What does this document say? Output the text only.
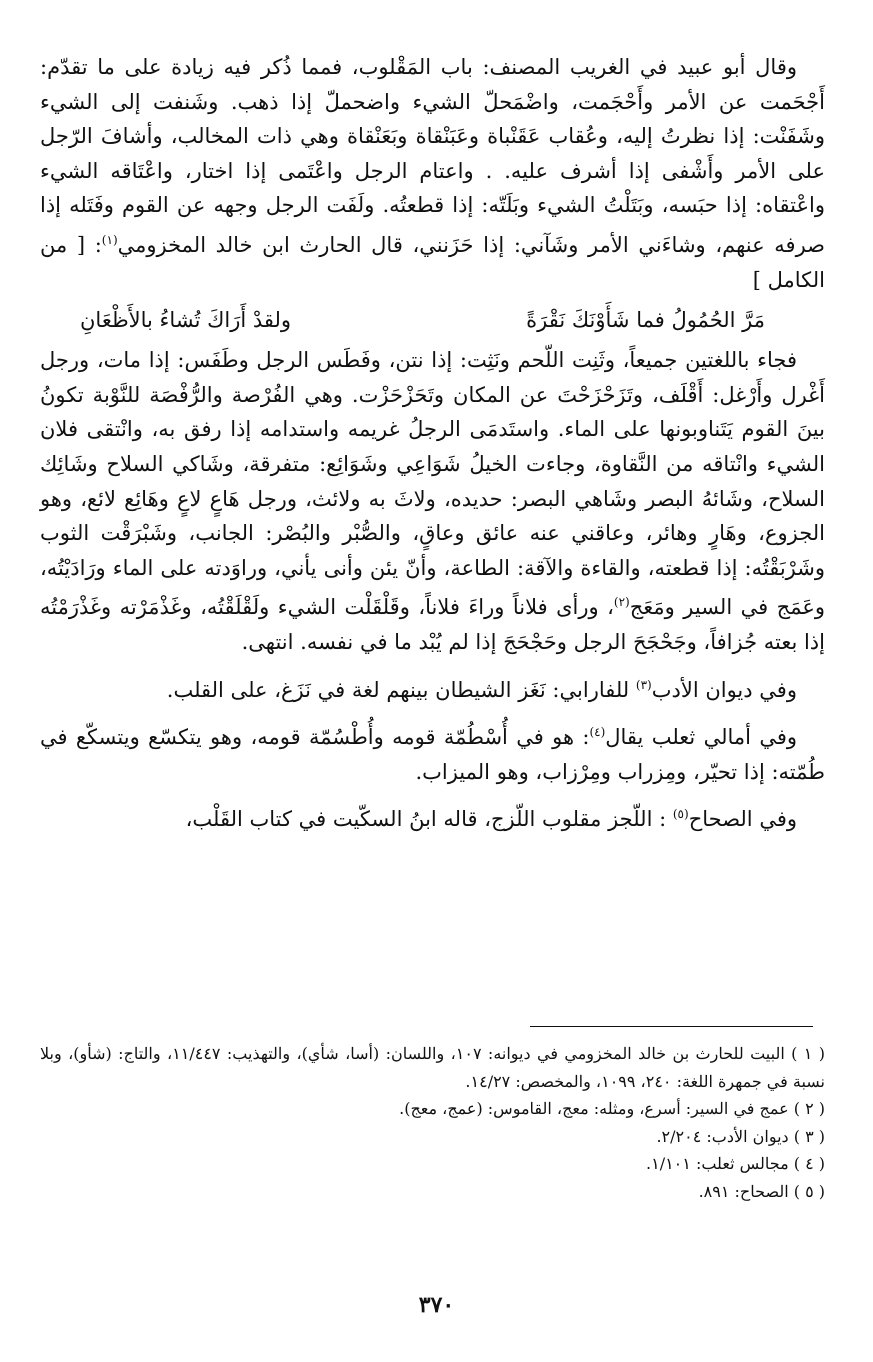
وقال أبو عبيد في الغريب المصنف: باب المَقْلوب، فمما ذُكر فيه زيادة على ما تقدّم: أَجْحَمت عن الأمر وأَحْجَمت، واضْمَحلّ الشيء واضحملّ إذا ذهب. وشَنفت إلى الشيء وشَفَنْت: إذا نظرتُ إليه، وعُقاب عَقَنْباة وعَبَنْقاة وبَعَنْقاة وهي ذات المخالب، وأشافَ الرّجل على الأمر وأَشْفى إذا أشرف عليه. . واعتام الرجل واعْتَمى إذا اختار، واعْتَاقه الشيء واعْتقاه: إذا حبَسه، وبَتَلْتُ الشيء وبَلَتّه: إذا قطعتُه. ولَفَت الرجل وجهه عن القوم وفَتَله إذا صرفه عنهم، وشاءَني الأمر وشَآني: إذا حَزَنني، قال الحارث ابن خالد المخزومي$^{(١)}$: [ من الكامل ]

مَرَّ الحُمُولُ فما شَأَوْنَكَ نَقْرَةً
ولقدْ أَرَاكَ تُشاءُ بالأَظْعَانِ

فجاء باللغتين جميعاً، وثَنِت اللّحم ونَثِت: إذا نتن، وفَطَس الرجل وطَفَس: إذا مات، ورجل أَغْرل وأَرْغل: أَقْلَف، وتَزَحْزَحْتَ عن المكان وتَحَزْحَزْت. وهي الفُرْصة والرُّفْصَة للنَّوْبة تكونُ بينَ القوم يَتَناوبونها على الماء. واستَدمَى الرجلُ غريمه واستدامه إذا رفق به، وانْتقى فلان الشيء وانْتاقه من النَّقاوة، وجاءت الخيلُ شَوَاعِي وشَوَائِع: متفرقة، وشَاكي السلاح وشَائِك السلاح، وشَائهُ البصر وشَاهي البصر: حديده، ولاثَ به ولائث، ورجل هَاعٍ لاعٍ وهَائِع لائع، وهو الجزوع، وهَارٍ وهائر، وعاقني عنه عائق وعاقٍ، والصُّبْر والبُصْر: الجانب، وشَبْرَقْت الثوب وشَرْبَقْتُه: إذا قطعته، والقاءة والآقة: الطاعة، وأنّ يئن وأنى يأني، وراوَدته على الماء ورَادَيْتُه، وعَمَج في السير ومَعَج$^{(٢)}$، ورأى فلاناً وراءَ فلاناً، وقَلْقَلْت الشيء ولَقْلَقْتُه، وغَذْمَرْته وغَذْرَمْتُه إذا بعته جُزافاً، وجَحْجَحَ الرجل وحَجْحَجَ إذا لم يُبْد ما في نفسه. انتهى.

وفي ديوان الأدب$^{(٣)}$ للفارابي: نَغَز الشيطان بينهم لغة في نَزَغ، على القلب.

وفي أمالي ثعلب يقال$^{(٤)}$: هو في أُسْطُمّة قومه وأُطْسُمّة قومه، وهو يتكسّع ويتسكّع في طُمّته: إذا تحيّر، ومِزراب ومِرْزاب، وهو الميزاب.

وفي الصحاح$^{(٥)}$ : اللّجز مقلوب اللّزج، قاله ابنُ السكّيت في كتاب القَلْب،

( ١ ) البيت للحارث بن خالد المخزومي في ديوانه: ١٠٧، واللسان: (أسا، شأي)، والتهذيب: ١١/٤٤٧، والتاج: (شأو)، وبلا نسبة في جمهرة اللغة: ٢٤٠، ١٠٩٩، والمخصص: ١٤/٢٧.

( ٢ ) عمج في السير: أسرع، ومثله: معج، القاموس: (عمج، معج).

( ٣ ) ديوان الأدب: ٢/٢٠٤.

( ٤ ) مجالس ثعلب: ١/١٠١.

( ٥ ) الصحاح: ٨٩١.

٣٧٠
